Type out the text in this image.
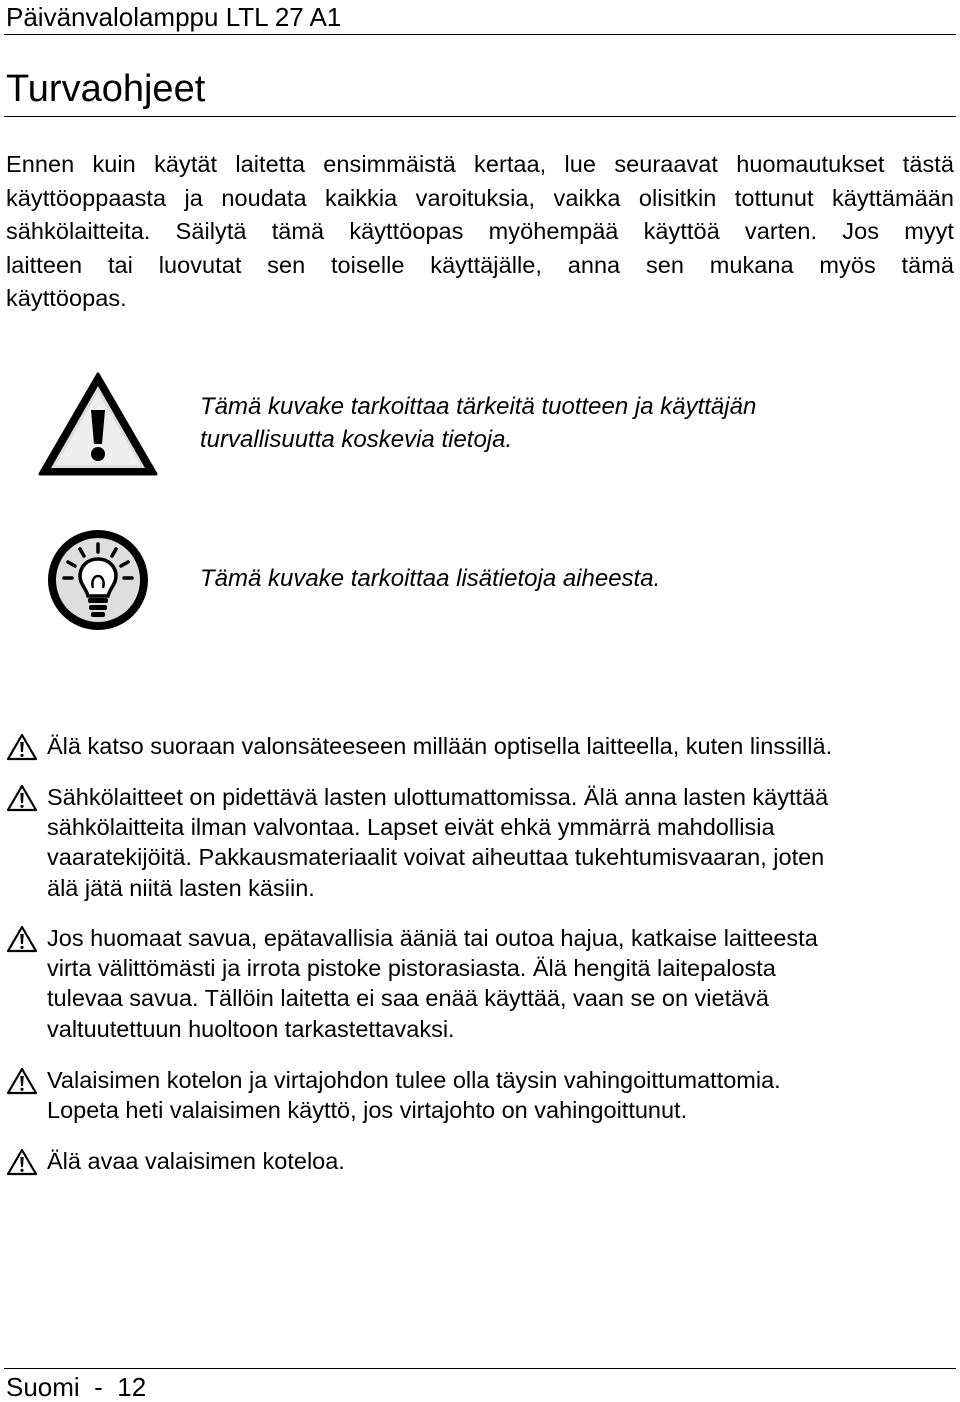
Päivänvalolamppu LTL 27 A1
Turvaohjeet
Ennen kuin käytät laitetta ensimmäistä kertaa, lue seuraavat huomautukset tästä
käyttöoppaasta ja noudata kaikkia varoituksia, vaikka olisitkin tottunut käyttämään
sähkölaitteita. Säilytä tämä käyttöopas myöhempää käyttöä varten. Jos myyt
laitteen tai luovutat sen toiselle käyttäjälle, anna sen mukana myös tämä
käyttöopas.
Tämä kuvake tarkoittaa tärkeitä tuotteen ja käyttäjän
turvallisuutta koskevia tietoja.
Tämä kuvake tarkoittaa lisätietoja aiheesta.
Älä katso suoraan valonsäteeseen millään optisella laitteella, kuten linssillä.
Sähkölaitteet on pidettävä lasten ulottumattomissa. Älä anna lasten käyttää
sähkölaitteita ilman valvontaa. Lapset eivät ehkä ymmärrä mahdollisia
vaaratekijöitä. Pakkausmateriaalit voivat aiheuttaa tukehtumisvaaran, joten
älä jätä niitä lasten käsiin.
Jos huomaat savua, epätavallisia ääniä tai outoa hajua, katkaise laitteesta
virta välittömästi ja irrota pistoke pistorasiasta. Älä hengitä laitepalosta
tulevaa savua. Tällöin laitetta ei saa enää käyttää, vaan se on vietävä
valtuutettuun huoltoon tarkastettavaksi.
Valaisimen kotelon ja virtajohdon tulee olla täysin vahingoittumattomia.
Lopeta heti valaisimen käyttö, jos virtajohto on vahingoittunut.
Älä avaa valaisimen koteloa.
Suomi - 12
